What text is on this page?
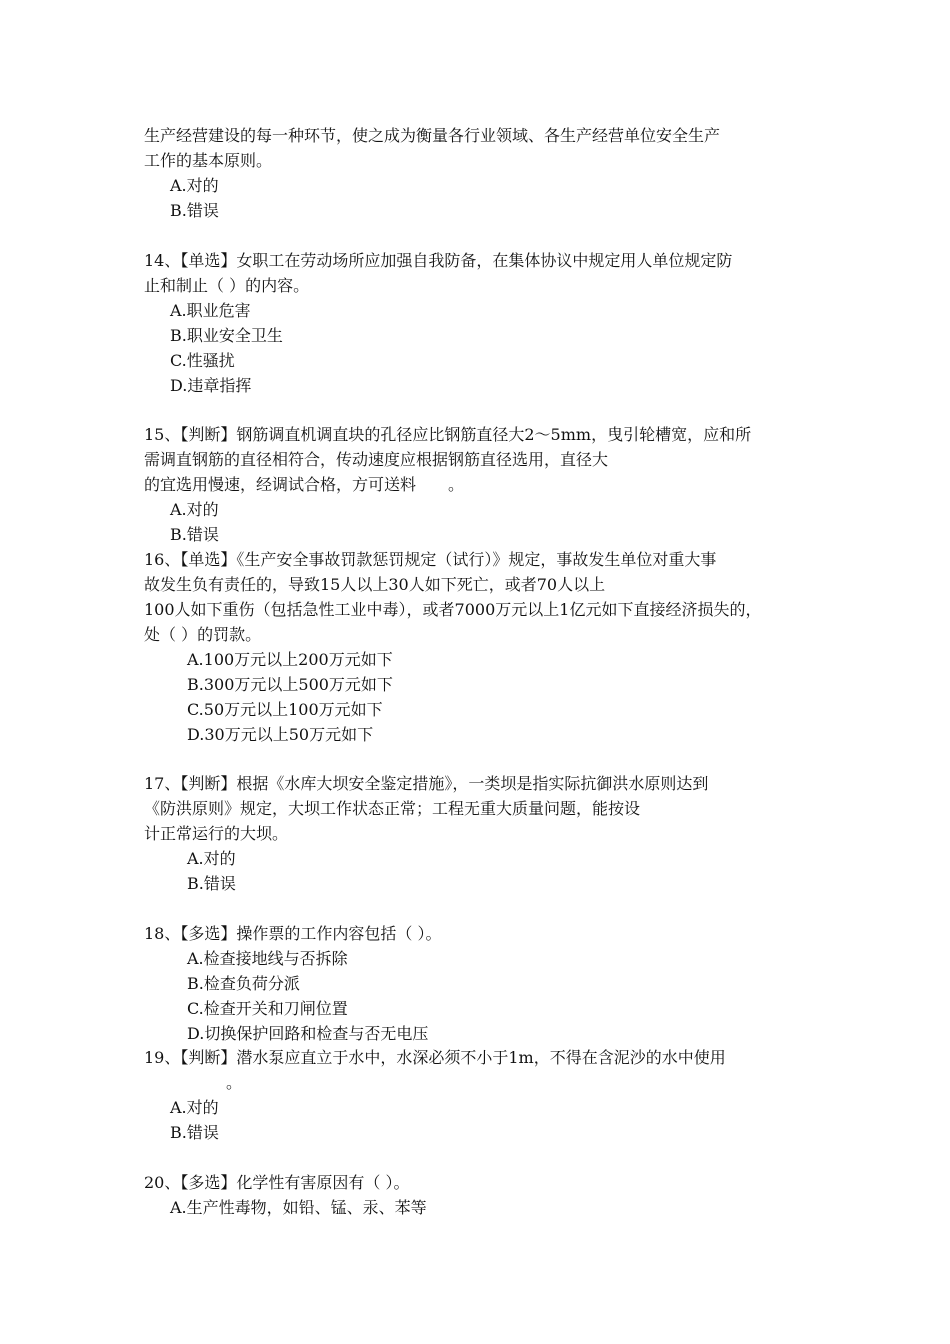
生产经营建设的每一种环节，使之成为衡量各行业领域、各生产经营单位安全生产
工作的基本原则。
A.对的
B.错误
14、【单选】女职工在劳动场所应加强自我防备，在集体协议中规定用人单位规定防
止和制止（ ）的内容。
A.职业危害
B.职业安全卫生
C.性骚扰
D.违章指挥
15、【判断】钢筋调直机调直块的孔径应比钢筋直径大2～5mm，曳引轮槽宽，应和所
需调直钢筋的直径相符合，传动速度应根据钢筋直径选用，直径大
的宜选用慢速，经调试合格，方可送料　　。
A.对的
B.错误
16、【单选】《生产安全事故罚款惩罚规定（试行）》规定，事故发生单位对重大事
故发生负有责任的，导致15人以上30人如下死亡，或者70人以上
100人如下重伤（包括急性工业中毒），或者7000万元以上1亿元如下直接经济损失的，
处（ ）的罚款。
A.100万元以上200万元如下
B.300万元以上500万元如下
C.50万元以上100万元如下
D.30万元以上50万元如下
17、【判断】根据《水库大坝安全鉴定措施》，一类坝是指实际抗御洪水原则达到
《防洪原则》规定，大坝工作状态正常；工程无重大质量问题，能按设
计正常运行的大坝。
A.对的
B.错误
18、【多选】操作票的工作内容包括（ ）。
A.检查接地线与否拆除
B.检查负荷分派
C.检查开关和刀闸位置
D.切换保护回路和检查与否无电压
19、【判断】潜水泵应直立于水中，水深必须不小于1m，不得在含泥沙的水中使用
。
A.对的
B.错误
20、【多选】化学性有害原因有（ ）。
A.生产性毒物，如铅、锰、汞、苯等
